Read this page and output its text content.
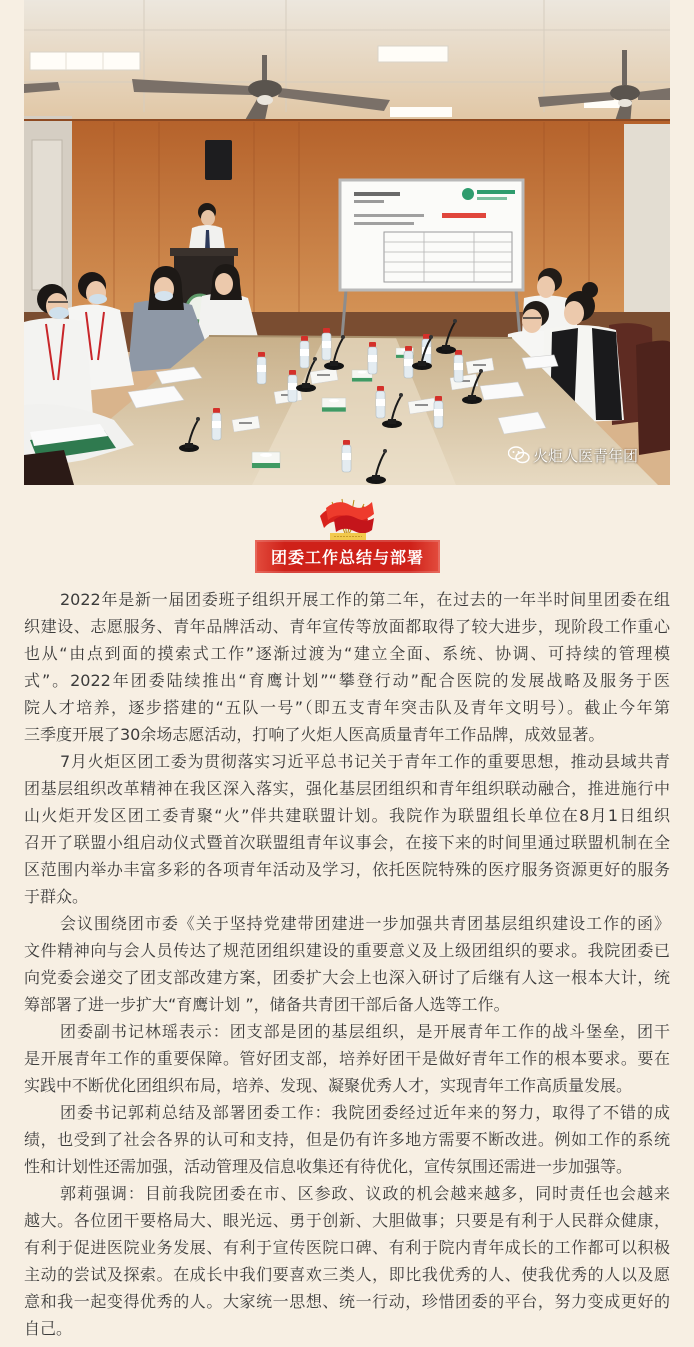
火炬人医青年团
团委工作总结与部署
2022年是新一届团委班子组织开展工作的第二年，在过去的一年半时间里团委在组
织建设、志愿服务、青年品牌活动、青年宣传等放面都取得了较大进步，现阶段工作重心
也从“由点到面的摸索式工作”逐渐过渡为“建立全面、系统、协调、可持续的管理模
式”。2022年团委陆续推出“育鹰计划”“攀登行动”配合医院的发展战略及服务于医
院人才培养，逐步搭建的“五队一号”（即五支青年突击队及青年文明号）。截止今年第
三季度开展了30余场志愿活动，打响了火炬人医高质量青年工作品牌，成效显著。
7月火炬区团工委为贯彻落实习近平总书记关于青年工作的重要思想，推动县域共青
团基层组织改革精神在我区深入落实，强化基层团组织和青年组织联动融合，推进施行中
山火炬开发区团工委青聚“火”伴共建联盟计划。我院作为联盟组长单位在8月1日组织
召开了联盟小组启动仪式暨首次联盟组青年议事会，在接下来的时间里通过联盟机制在全
区范围内举办丰富多彩的各项青年活动及学习，依托医院特殊的医疗服务资源更好的服务
于群众。
会议围绕团市委《关于坚持党建带团建进一步加强共青团基层组织建设工作的函》
文件精神向与会人员传达了规范团组织建设的重要意义及上级团组织的要求。我院团委已
向党委会递交了团支部改建方案，团委扩大会上也深入研讨了后继有人这一根本大计，统
筹部署了进一步扩大“育鹰计划 ”，储备共青团干部后备人选等工作。
团委副书记林瑶表示：团支部是团的基层组织，是开展青年工作的战斗堡垒，团干
是开展青年工作的重要保障。管好团支部，培养好团干是做好青年工作的根本要求。要在
实践中不断优化团组织布局，培养、发现、凝聚优秀人才，实现青年工作高质量发展。
团委书记郭莉总结及部署团委工作：我院团委经过近年来的努力，取得了不错的成
绩，也受到了社会各界的认可和支持，但是仍有许多地方需要不断改进。例如工作的系统
性和计划性还需加强，活动管理及信息收集还有待优化，宣传氛围还需进一步加强等。
郭莉强调：目前我院团委在市、区参政、议政的机会越来越多，同时责任也会越来
越大。各位团干要格局大、眼光远、勇于创新、大胆做事；只要是有利于人民群众健康，
有利于促进医院业务发展、有利于宣传医院口碑、有利于院内青年成长的工作都可以积极
主动的尝试及探索。在成长中我们要喜欢三类人，即比我优秀的人、使我优秀的人以及愿
意和我一起变得优秀的人。大家统一思想、统一行动，珍惜团委的平台，努力变成更好的
自己。
